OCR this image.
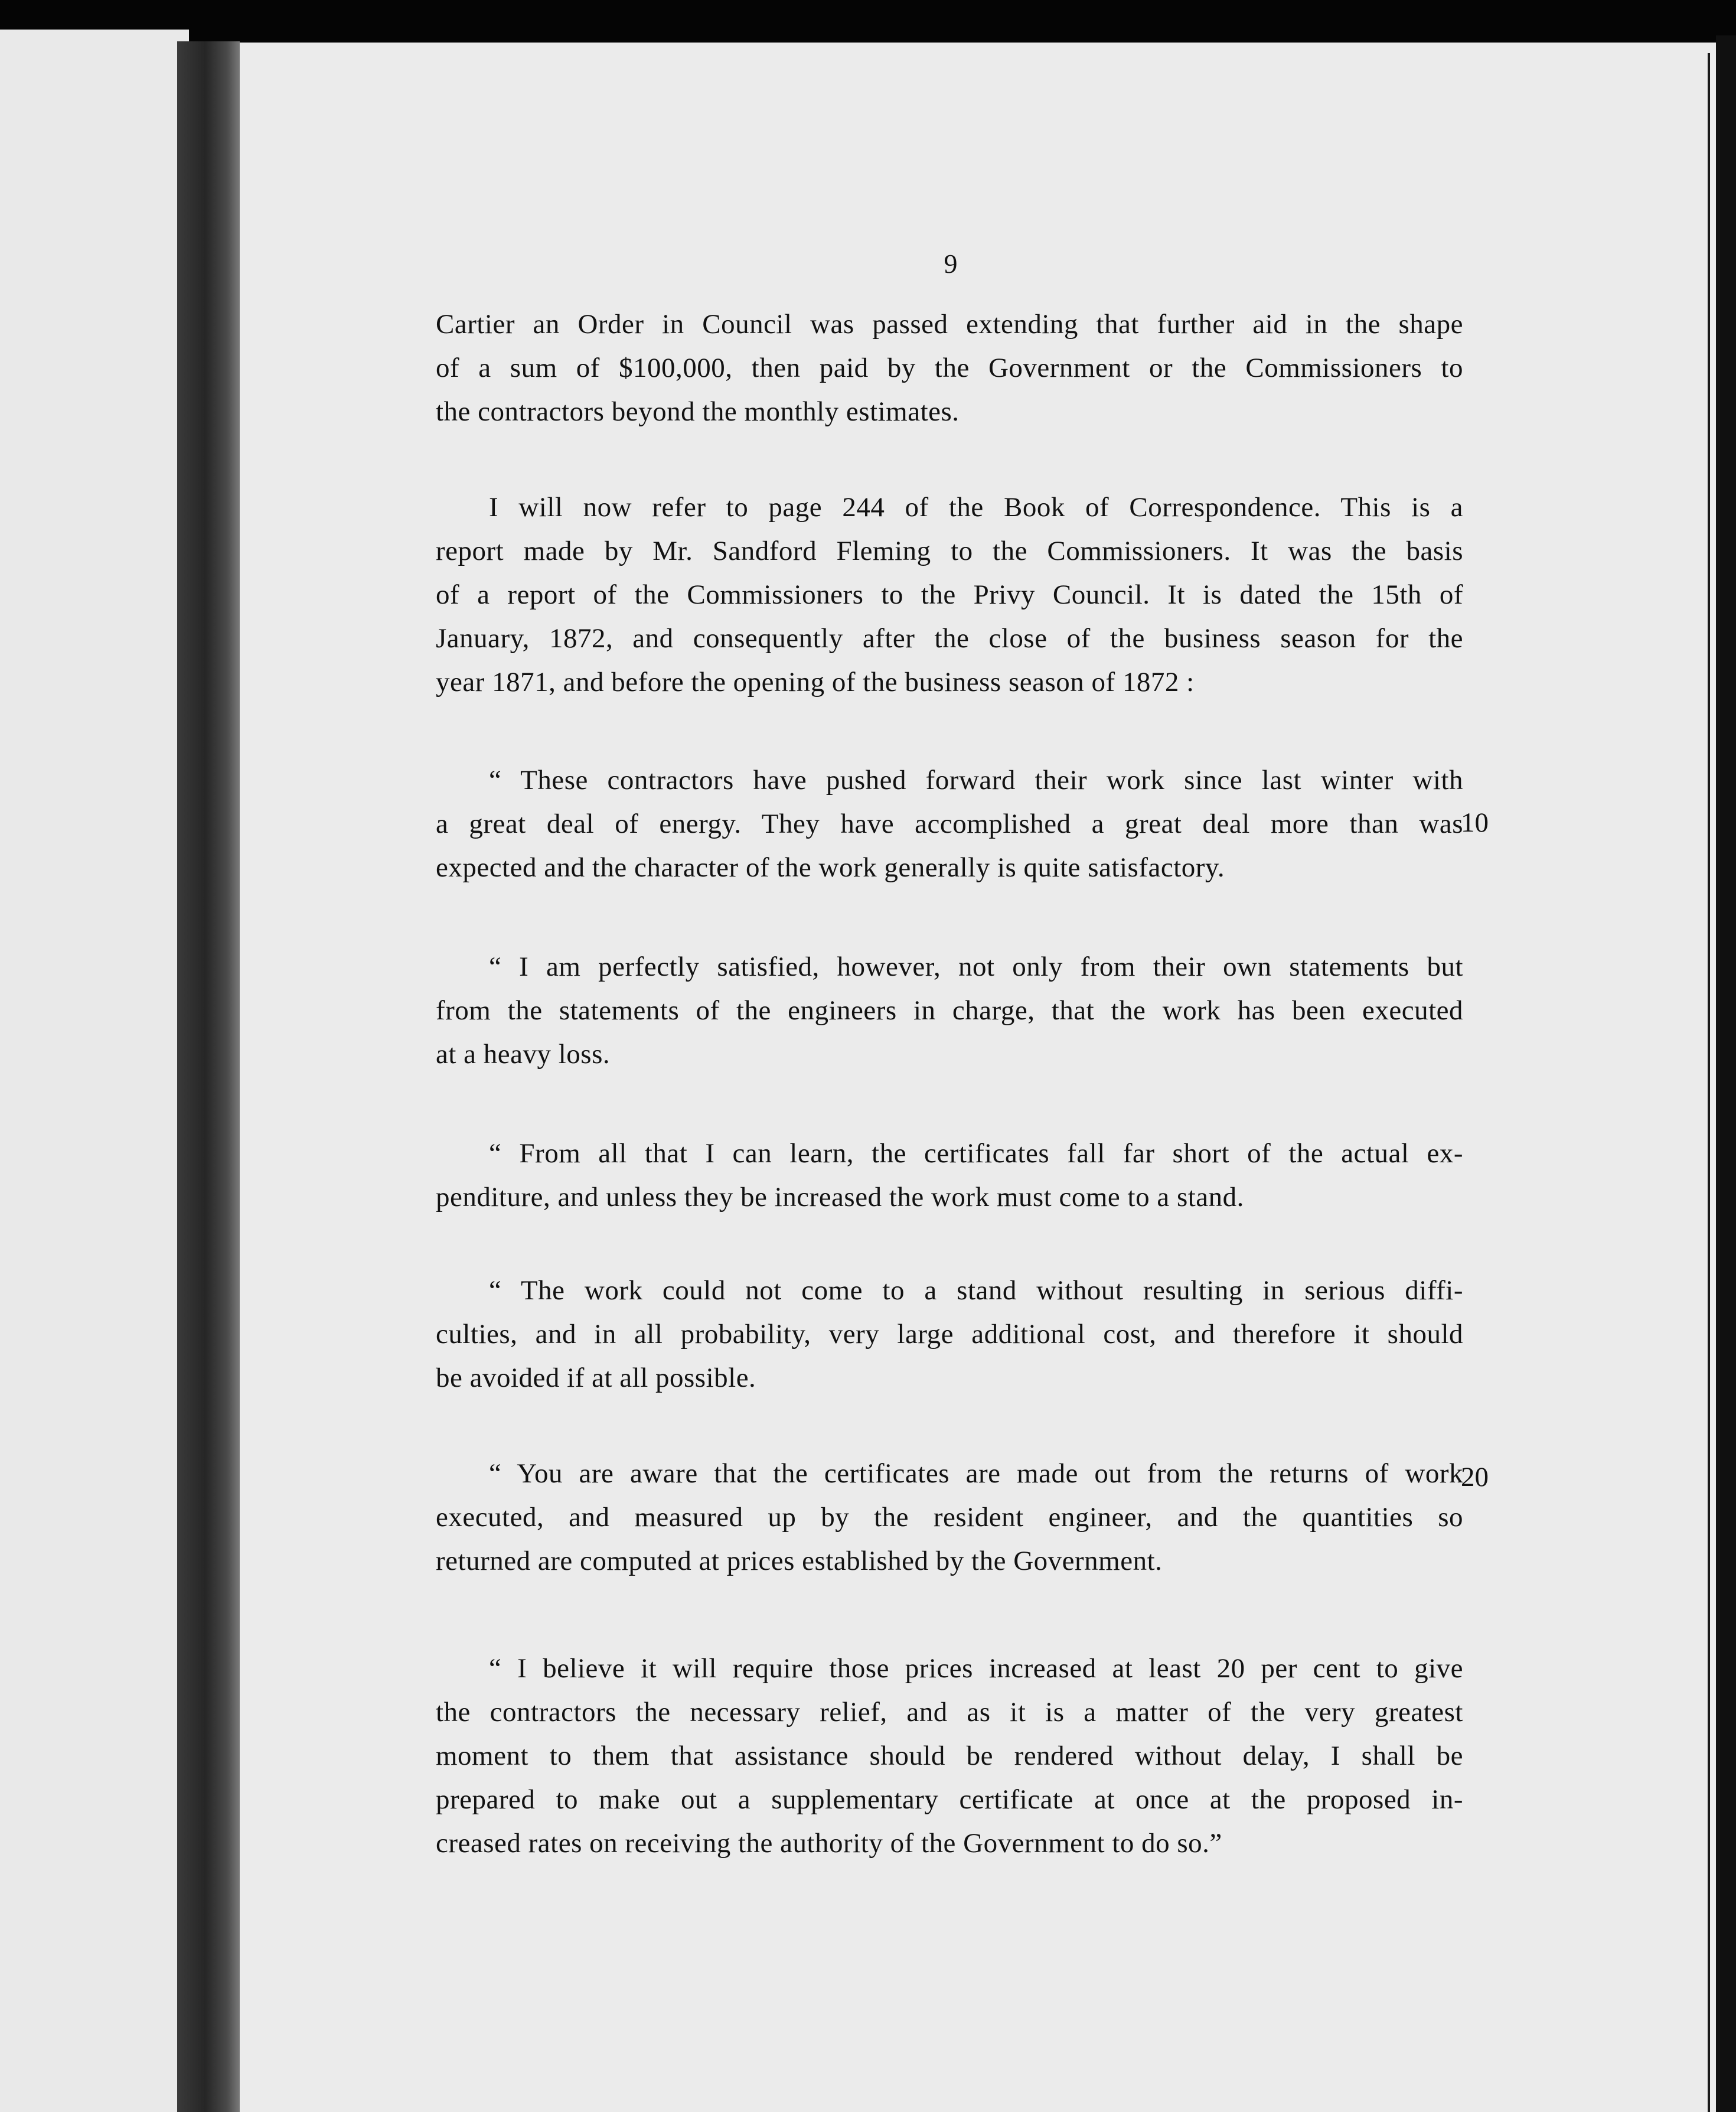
9
Cartier an Order in Council was passed extending that further aid in the shape
of a sum of $100,000, then paid by the Government or the Commissioners to
the contractors beyond the monthly estimates.
I will now refer to page 244 of the Book of Correspondence. This is a
report made by Mr. Sandford Fleming to the Commissioners. It was the basis
of a report of the Commissioners to the Privy Council. It is dated the 15th of
January, 1872, and consequently after the close of the business season for the
year 1871, and before the opening of the business season of 1872 :
“ These contractors have pushed forward their work since last winter with
a great deal of energy. They have accomplished a great deal more than was
expected and the character of the work generally is quite satisfactory.
10
“ I am perfectly satisfied, however, not only from their own statements but
from the statements of the engineers in charge, that the work has been executed
at a heavy loss.
“ From all that I can learn, the certificates fall far short of the actual ex-
penditure, and unless they be increased the work must come to a stand.
“ The work could not come to a stand without resulting in serious diffi-
culties, and in all probability, very large additional cost, and therefore it should
be avoided if at all possible.
“ You are aware that the certificates are made out from the returns of work
executed, and measured up by the resident engineer, and the quantities so
returned are computed at prices established by the Government.
20
“ I believe it will require those prices increased at least 20 per cent to give
the contractors the necessary relief, and as it is a matter of the very greatest
moment to them that assistance should be rendered without delay, I shall be
prepared to make out a supplementary certificate at once at the proposed in-
creased rates on receiving the authority of the Government to do so.”
